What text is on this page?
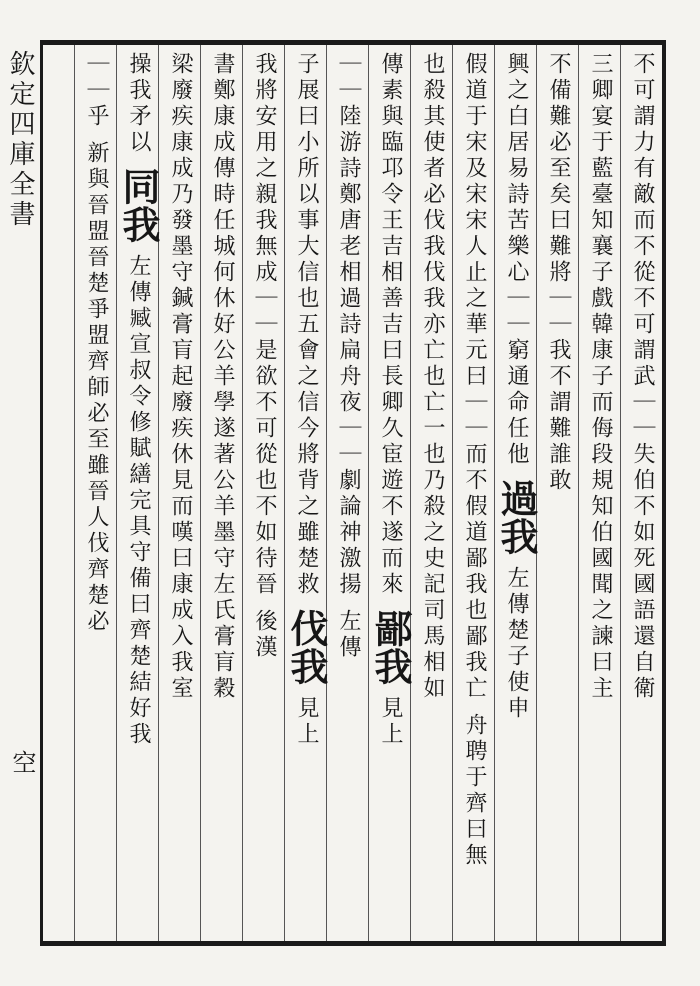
欽定四庫全書
空
不可謂力有敵而不從不可謂武｜｜失伯不如死國語還自衛
三卿宴于藍臺知襄子戲韓康子而侮段規知伯國聞之諫曰主
不備難必至矣曰難將｜｜我不謂難誰敢
興之白居易詩苦樂心｜｜窮通命任他 過我 左傳楚子使申
假道于宋及宋宋人止之華元曰｜｜而不假道鄙我也鄙我亡 舟聘于齊曰無
也殺其使者必伐我伐我亦亡也亡一也乃殺之史記司馬相如
傳素與臨邛令王吉相善吉曰長卿久宦遊不遂而來 鄙我 見上
｜｜陸游詩鄭唐老相過詩扁舟夜｜｜劇論神激揚 左傳
子展曰小所以事大信也五會之信今將背之雖楚救 伐我 見上
我將安用之親我無成｜｜是欲不可從也不如待晉 後漢
書鄭康成傳時任城何休好公羊學遂著公羊墨守左氏膏肓穀
梁廢疾康成乃發墨守鍼膏肓起廢疾休見而嘆曰康成入我室
操我矛以 同我 左傳臧宣叔令修賦繕完具守備曰齊楚結好我
｜｜乎 新與晉盟晉楚爭盟齊師必至雖晉人伐齊楚必
